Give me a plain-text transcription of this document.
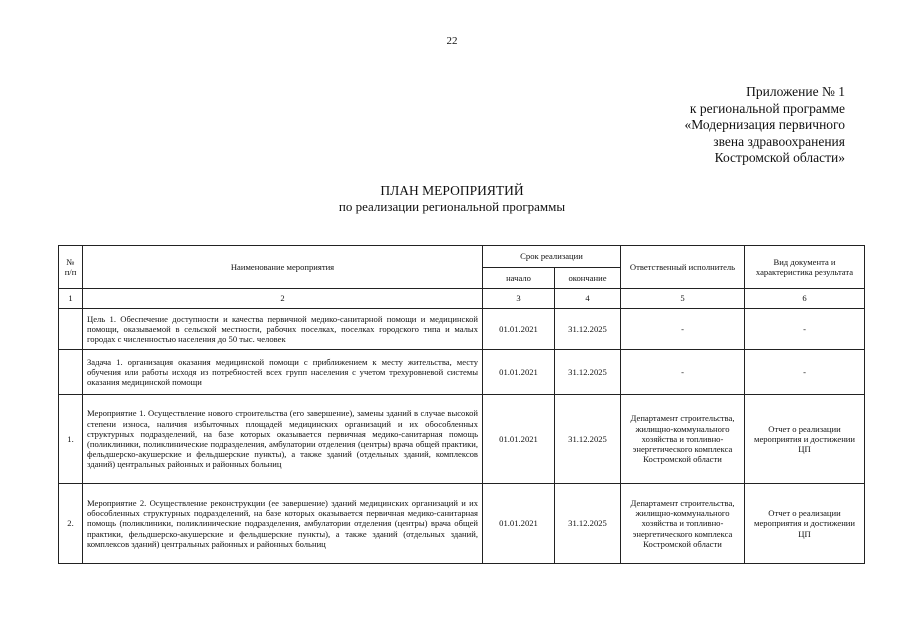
22
Приложение № 1
к региональной программе
«Модернизация первичного
звена здравоохранения
Костромской области»
ПЛАН МЕРОПРИЯТИЙ
по реализации региональной программы
№ п/п	Наименование мероприятия	Срок реализации		Ответственный исполнитель	Вид документа и характеристика результата
		начало	окончание		
1	2	3	4	5	6
	Цель 1. Обеспечение доступности и качества первичной медико-санитарной помощи и медицинской помощи, оказываемой в сельской местности, рабочих поселках, поселках городского типа и малых городах с численностью населения до 50 тыс. человек	01.01.2021	31.12.2025	-	-
	Задача 1. организация оказания медицинской помощи с приближением к месту жительства, месту обучения или работы исходя из потребностей всех групп населения с учетом трехуровневой системы оказания медицинской помощи	01.01.2021	31.12.2025	-	-
1.	Мероприятие 1. Осуществление нового строительства (его завершение), замены зданий в случае высокой степени износа, наличия избыточных площадей медицинских организаций и их обособленных структурных подразделений, на базе которых оказывается первичная медико-санитарная помощь (поликлиники, поликлинические подразделения, амбулатории отделения (центры) врача общей практики, фельдшерско-акушерские и фельдшерские пункты), а также зданий (отдельных зданий, комплексов зданий) центральных районных и районных больниц	01.01.2021	31.12.2025	Департамент строительства, жилищно-коммунального хозяйства и топливно-энергетического комплекса Костромской области	Отчет о реализации мероприятия и достижении ЦП
2.	Мероприятие 2. Осуществление реконструкции (ее завершение) зданий медицинских организаций и их обособленных структурных подразделений, на базе которых оказывается первичная медико-санитарная помощь (поликлиники, поликлинические подразделения, амбулатории отделения (центры) врача общей практики, фельдшерско-акушерские и фельдшерские пункты), а также зданий (отдельных зданий, комплексов зданий) центральных районных и районных больниц	01.01.2021	31.12.2025	Департамент строительства, жилищно-коммунального хозяйства и топливно-энергетического комплекса Костромской области	Отчет о реализации мероприятия и достижении ЦП
